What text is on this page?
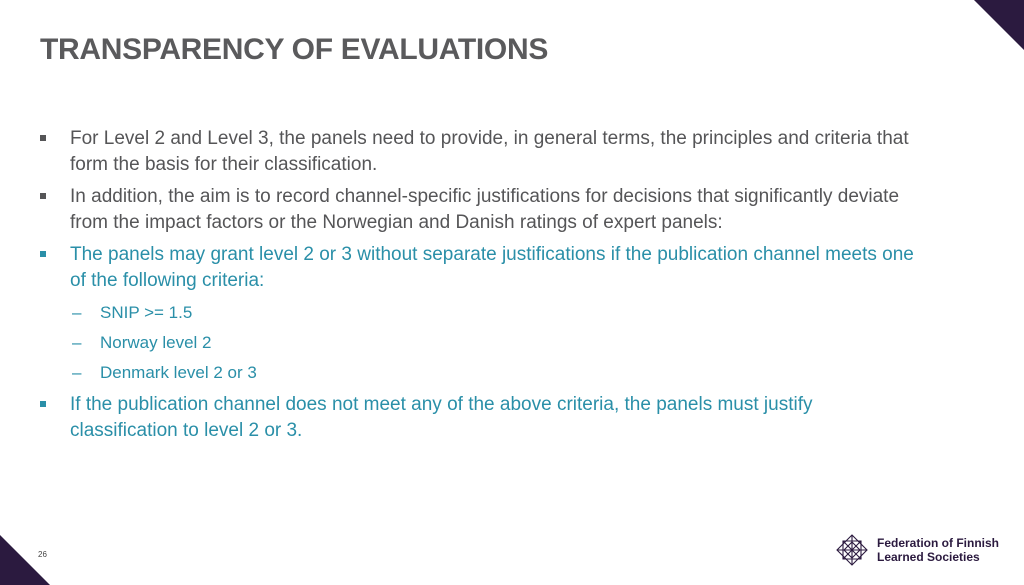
TRANSPARENCY OF EVALUATIONS
For Level 2 and Level 3, the panels need to provide, in general terms, the principles and criteria that form the basis for their classification.
In addition, the aim is to record channel-specific justifications for decisions that significantly deviate from the impact factors or the Norwegian and Danish ratings of expert panels:
The panels may grant level 2 or 3 without separate justifications if the publication channel meets one of the following criteria:
– SNIP >= 1.5
– Norway level 2
– Denmark level 2 or 3
If the publication channel does not meet any of the above criteria, the panels must justify classification to level 2 or 3.
26
Federation of Finnish
Learned Societies
